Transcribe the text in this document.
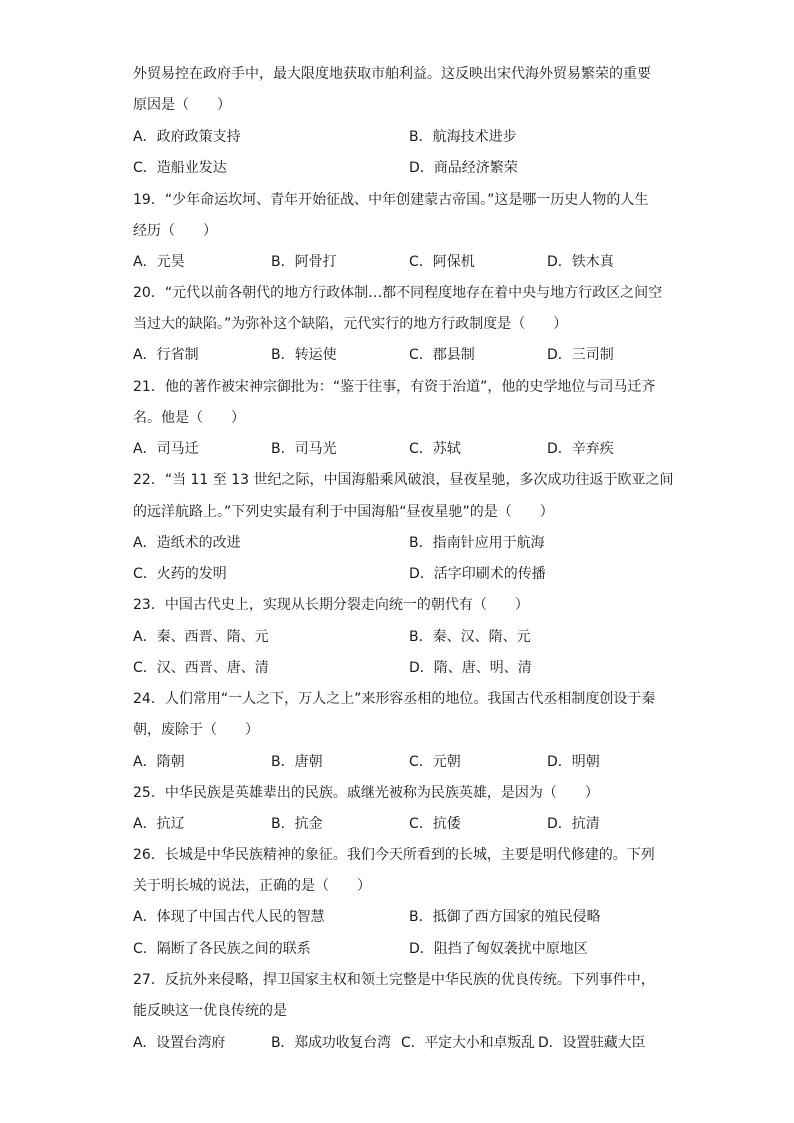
外贸易控在政府手中，最大限度地获取市舶利益。这反映出宋代海外贸易繁荣的重要
原因是（　　）
A．政府政策支持	B．航海技术进步
C．造船业发达	D．商品经济繁荣
19．“少年命运坎坷、青年开始征战、中年创建蒙古帝国。”这是哪一历史人物的人生
经历（　　）
A．元昊	B．阿骨打	C．阿保机	D．铁木真
20．“元代以前各朝代的地方行政体制…都不同程度地存在着中央与地方行政区之间空
当过大的缺陷。”为弥补这个缺陷，元代实行的地方行政制度是（　　）
A．行省制	B．转运使	C．郡县制	D．三司制
21．他的著作被宋神宗御批为：“鉴于往事，有资于治道”，他的史学地位与司马迁齐
名。他是（　　）
A．司马迁	B．司马光	C．苏轼	D．辛弃疾
22．“当 11 至 13 世纪之际，中国海船乘风破浪，昼夜星驰，多次成功往返于欧亚之间
的远洋航路上。”下列史实最有利于中国海船“昼夜星驰”的是（　　）
A．造纸术的改进	B．指南针应用于航海
C．火药的发明	D．活字印刷术的传播
23．中国古代史上，实现从长期分裂走向统一的朝代有（　　）
A．秦、西晋、隋、元	B．秦、汉、隋、元
C．汉、西晋、唐、清	D．隋、唐、明、清
24．人们常用“一人之下，万人之上”来形容丞相的地位。我国古代丞相制度创设于秦
朝，废除于（　　）
A．隋朝	B．唐朝	C．元朝	D．明朝
25．中华民族是英雄辈出的民族。戚继光被称为民族英雄，是因为（　　）
A．抗辽	B．抗金	C．抗倭	D．抗清
26．长城是中华民族精神的象征。我们今天所看到的长城，主要是明代修建的。下列
关于明长城的说法，正确的是（　　）
A．体现了中国古代人民的智慧	B．抵御了西方国家的殖民侵略
C．隔断了各民族之间的联系	D．阻挡了匈奴袭扰中原地区
27．反抗外来侵略，捍卫国家主权和领土完整是中华民族的优良传统。下列事件中，
能反映这一优良传统的是
A．设置台湾府	B．郑成功收复台湾 C．平定大小和卓叛乱 D．设置驻藏大臣
